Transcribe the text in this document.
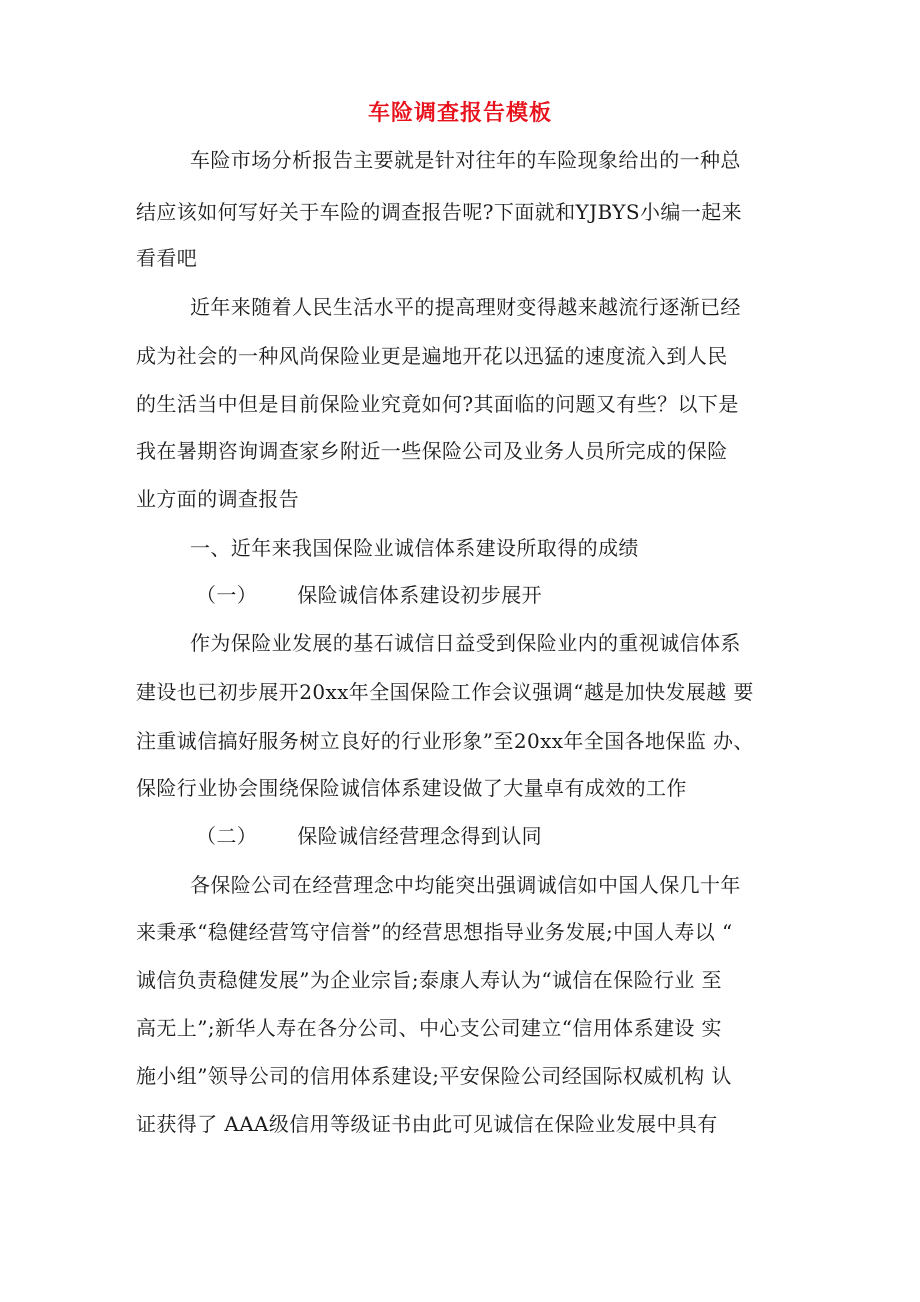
车险调查报告模板
车险市场分析报告主要就是针对往年的车险现象给出的一种总
结应该如何写好关于车险的调查报告呢?下面就和YJBYS小编一起来
看看吧
近年来随着人民生活水平的提高理财变得越来越流行逐渐已经
成为社会的一种风尚保险业更是遍地开花以迅猛的速度流入到人民
的生活当中但是目前保险业究竟如何?其面临的问题又有些？以下是
我在暑期咨询调查家乡附近一些保险公司及业务人员所完成的保险
业方面的调查报告
一、近年来我国保险业诚信体系建设所取得的成绩
（一） 保险诚信体系建设初步展开
作为保险业发展的基石诚信日益受到保险业内的重视诚信体系
建设也已初步展开20xx年全国保险工作会议强调“越是加快发展越 要
注重诚信搞好服务树立良好的行业形象”至20xx年全国各地保监 办、
保险行业协会围绕保险诚信体系建设做了大量卓有成效的工作
（二） 保险诚信经营理念得到认同
各保险公司在经营理念中均能突出强调诚信如中国人保几十年
来秉承“稳健经营笃守信誉”的经营思想指导业务发展;中国人寿以 “
诚信负责稳健发展”为企业宗旨;泰康人寿认为“诚信在保险行业 至
高无上”;新华人寿在各分公司、中心支公司建立“信用体系建设 实
施小组”领导公司的信用体系建设;平安保险公司经国际权威机构 认
证获得了 AAA级信用等级证书由此可见诚信在保险业发展中具有
